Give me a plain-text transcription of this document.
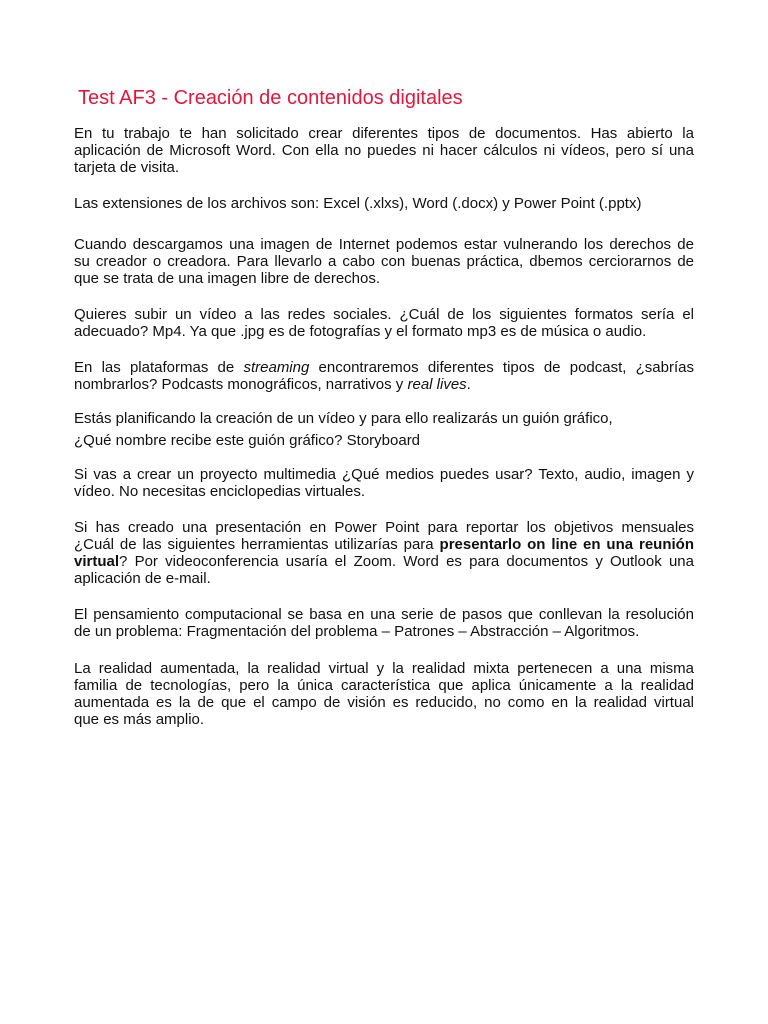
Test AF3 - Creación de contenidos digitales
En tu trabajo te han solicitado crear diferentes tipos de documentos. Has abierto la
aplicación de Microsoft Word. Con ella no puedes ni hacer cálculos ni vídeos, pero sí una
tarjeta de visita.
Las extensiones de los archivos son: Excel (.xlxs), Word (.docx) y Power Point (.pptx)
Cuando descargamos una imagen de Internet podemos estar vulnerando los derechos de
su creador o creadora. Para llevarlo a cabo con buenas práctica, dbemos cerciorarnos de
que se trata de una imagen libre de derechos.
Quieres subir un vídeo a las redes sociales. ¿Cuál de los siguientes formatos sería el
adecuado? Mp4. Ya que .jpg es de fotografías y el formato mp3 es de música o audio.
En las plataformas de streaming encontraremos diferentes tipos de podcast, ¿sabrías
nombrarlos? Podcasts monográficos, narrativos y real lives.
Estás planificando la creación de un vídeo y para ello realizarás un guión gráfico,
¿Qué nombre recibe este guión gráfico? Storyboard
Si vas a crear un proyecto multimedia ¿Qué medios puedes usar? Texto, audio, imagen y
vídeo. No necesitas enciclopedias virtuales.
Si has creado una presentación en Power Point para reportar los objetivos mensuales
¿Cuál de las siguientes herramientas utilizarías para presentarlo on line en una reunión
virtual? Por videoconferencia usaría el Zoom. Word es para documentos y Outlook una
aplicación de e-mail.
El pensamiento computacional se basa en una serie de pasos que conllevan la resolución
de un problema: Fragmentación del problema – Patrones – Abstracción – Algoritmos.
La realidad aumentada, la realidad virtual y la realidad mixta pertenecen a una misma
familia de tecnologías, pero la única característica que aplica únicamente a la realidad
aumentada es la de que el campo de visión es reducido, no como en la realidad virtual
que es más amplio.
